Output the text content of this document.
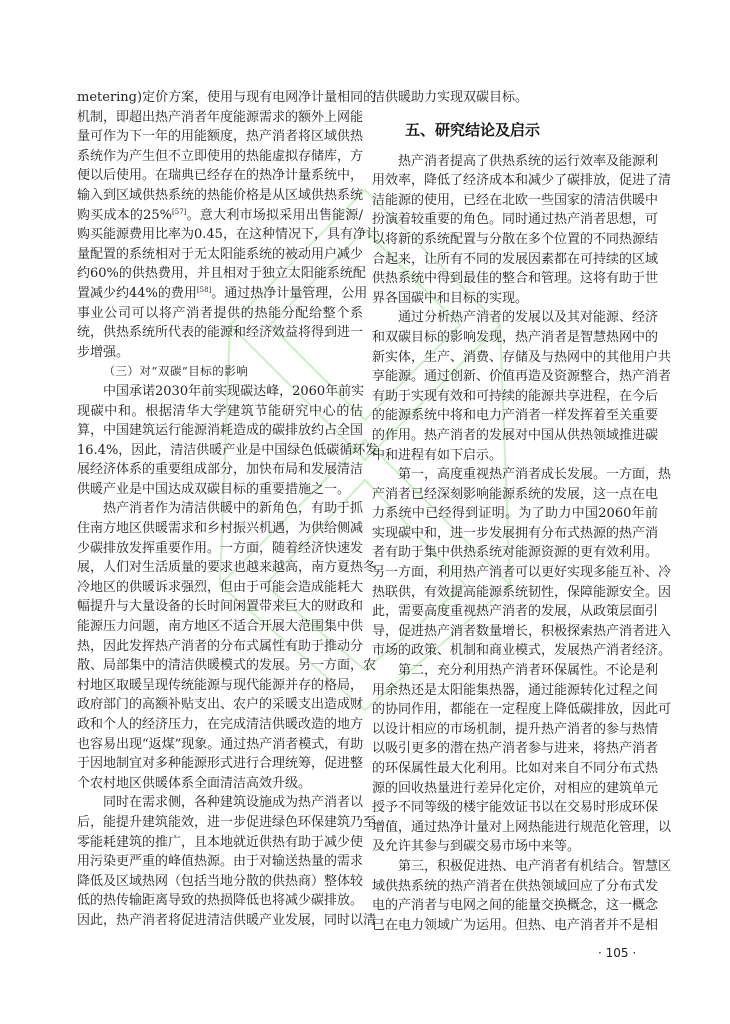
metering)定价方案，使用与现有电网净计量相同的
机制，即超出热产消者年度能源需求的额外上网能
量可作为下一年的用能额度，热产消者将区域供热
系统作为产生但不立即使用的热能虚拟存储库，方
便以后使用。在瑞典已经存在的热净计量系统中，
输入到区域供热系统的热能价格是从区域供热系统
购买成本的25%[57]。意大利市场拟采用出售能源/
购买能源费用比率为0.45，在这种情况下，具有净计
量配置的系统相对于无太阳能系统的被动用户减少
约60%的供热费用，并且相对于独立太阳能系统配
置减少约44%的费用[58]。通过热净计量管理，公用
事业公司可以将产消者提供的热能分配给整个系
统，供热系统所代表的能源和经济效益将得到进一
步增强。
（三）对“双碳”目标的影响
中国承诺2030年前实现碳达峰，2060年前实
现碳中和。根据清华大学建筑节能研究中心的估
算，中国建筑运行能源消耗造成的碳排放约占全国
16.4%，因此，清洁供暖产业是中国绿色低碳循环发
展经济体系的重要组成部分，加快布局和发展清洁
供暖产业是中国达成双碳目标的重要措施之一。
热产消者作为清洁供暖中的新角色，有助于抓
住南方地区供暖需求和乡村振兴机遇，为供给侧减
少碳排放发挥重要作用。一方面，随着经济快速发
展，人们对生活质量的要求也越来越高，南方夏热冬
冷地区的供暖诉求强烈，但由于可能会造成能耗大
幅提升与大量设备的长时间闲置带来巨大的财政和
能源压力问题，南方地区不适合开展大范围集中供
热，因此发挥热产消者的分布式属性有助于推动分
散、局部集中的清洁供暖模式的发展。另一方面，农
村地区取暖呈现传统能源与现代能源并存的格局，
政府部门的高额补贴支出、农户的采暖支出造成财
政和个人的经济压力，在完成清洁供暖改造的地方
也容易出现“返煤”现象。通过热产消者模式，有助
于因地制宜对多种能源形式进行合理统筹，促进整
个农村地区供暖体系全面清洁高效升级。
同时在需求侧，各种建筑设施成为热产消者以
后，能提升建筑能效，进一步促进绿色环保建筑乃至
零能耗建筑的推广，且本地就近供热有助于减少使
用污染更严重的峰值热源。由于对输送热量的需求
降低及区域热网（包括当地分散的供热商）整体较
低的热传输距离导致的热损降低也将减少碳排放。
因此，热产消者将促进清洁供暖产业发展，同时以清
洁供暖助力实现双碳目标。
五、研究结论及启示
热产消者提高了供热系统的运行效率及能源利
用效率，降低了经济成本和减少了碳排放，促进了清
洁能源的使用，已经在北欧一些国家的清洁供暖中
扮演着较重要的角色。同时通过热产消者思想，可
以将新的系统配置与分散在多个位置的不同热源结
合起来，让所有不同的发展因素都在可持续的区域
供热系统中得到最佳的整合和管理。这将有助于世
界各国碳中和目标的实现。
通过分析热产消者的发展以及其对能源、经济
和双碳目标的影响发现，热产消者是智慧热网中的
新实体，生产、消费、存储及与热网中的其他用户共
享能源。通过创新、价值再造及资源整合，热产消者
有助于实现有效和可持续的能源共享进程，在今后
的能源系统中将和电力产消者一样发挥着至关重要
的作用。热产消者的发展对中国从供热领域推进碳
中和进程有如下启示。
第一，高度重视热产消者成长发展。一方面，热
产消者已经深刻影响能源系统的发展，这一点在电
力系统中已经得到证明。为了助力中国2060年前
实现碳中和，进一步发展拥有分布式热源的热产消
者有助于集中供热系统对能源资源的更有效利用。
另一方面，利用热产消者可以更好实现多能互补、冷
热联供，有效提高能源系统韧性，保障能源安全。因
此，需要高度重视热产消者的发展，从政策层面引
导，促进热产消者数量增长，积极探索热产消者进入
市场的政策、机制和商业模式，发展热产消者经济。
第二，充分利用热产消者环保属性。不论是利
用余热还是太阳能集热器，通过能源转化过程之间
的协同作用，都能在一定程度上降低碳排放，因此可
以设计相应的市场机制，提升热产消者的参与热情
以吸引更多的潜在热产消者参与进来，将热产消者
的环保属性最大化利用。比如对来自不同分布式热
源的回收热量进行差异化定价，对相应的建筑单元
授予不同等级的楼宇能效证书以在交易时形成环保
增值，通过热净计量对上网热能进行规范化管理，以
及允许其参与到碳交易市场中来等。
第三，积极促进热、电产消者有机结合。智慧区
域供热系统的热产消者在供热领域回应了分布式发
电的产消者与电网之间的能量交换概念，这一概念
已在电力领域广为运用。但热、电产消者并不是相
· 105 ·
